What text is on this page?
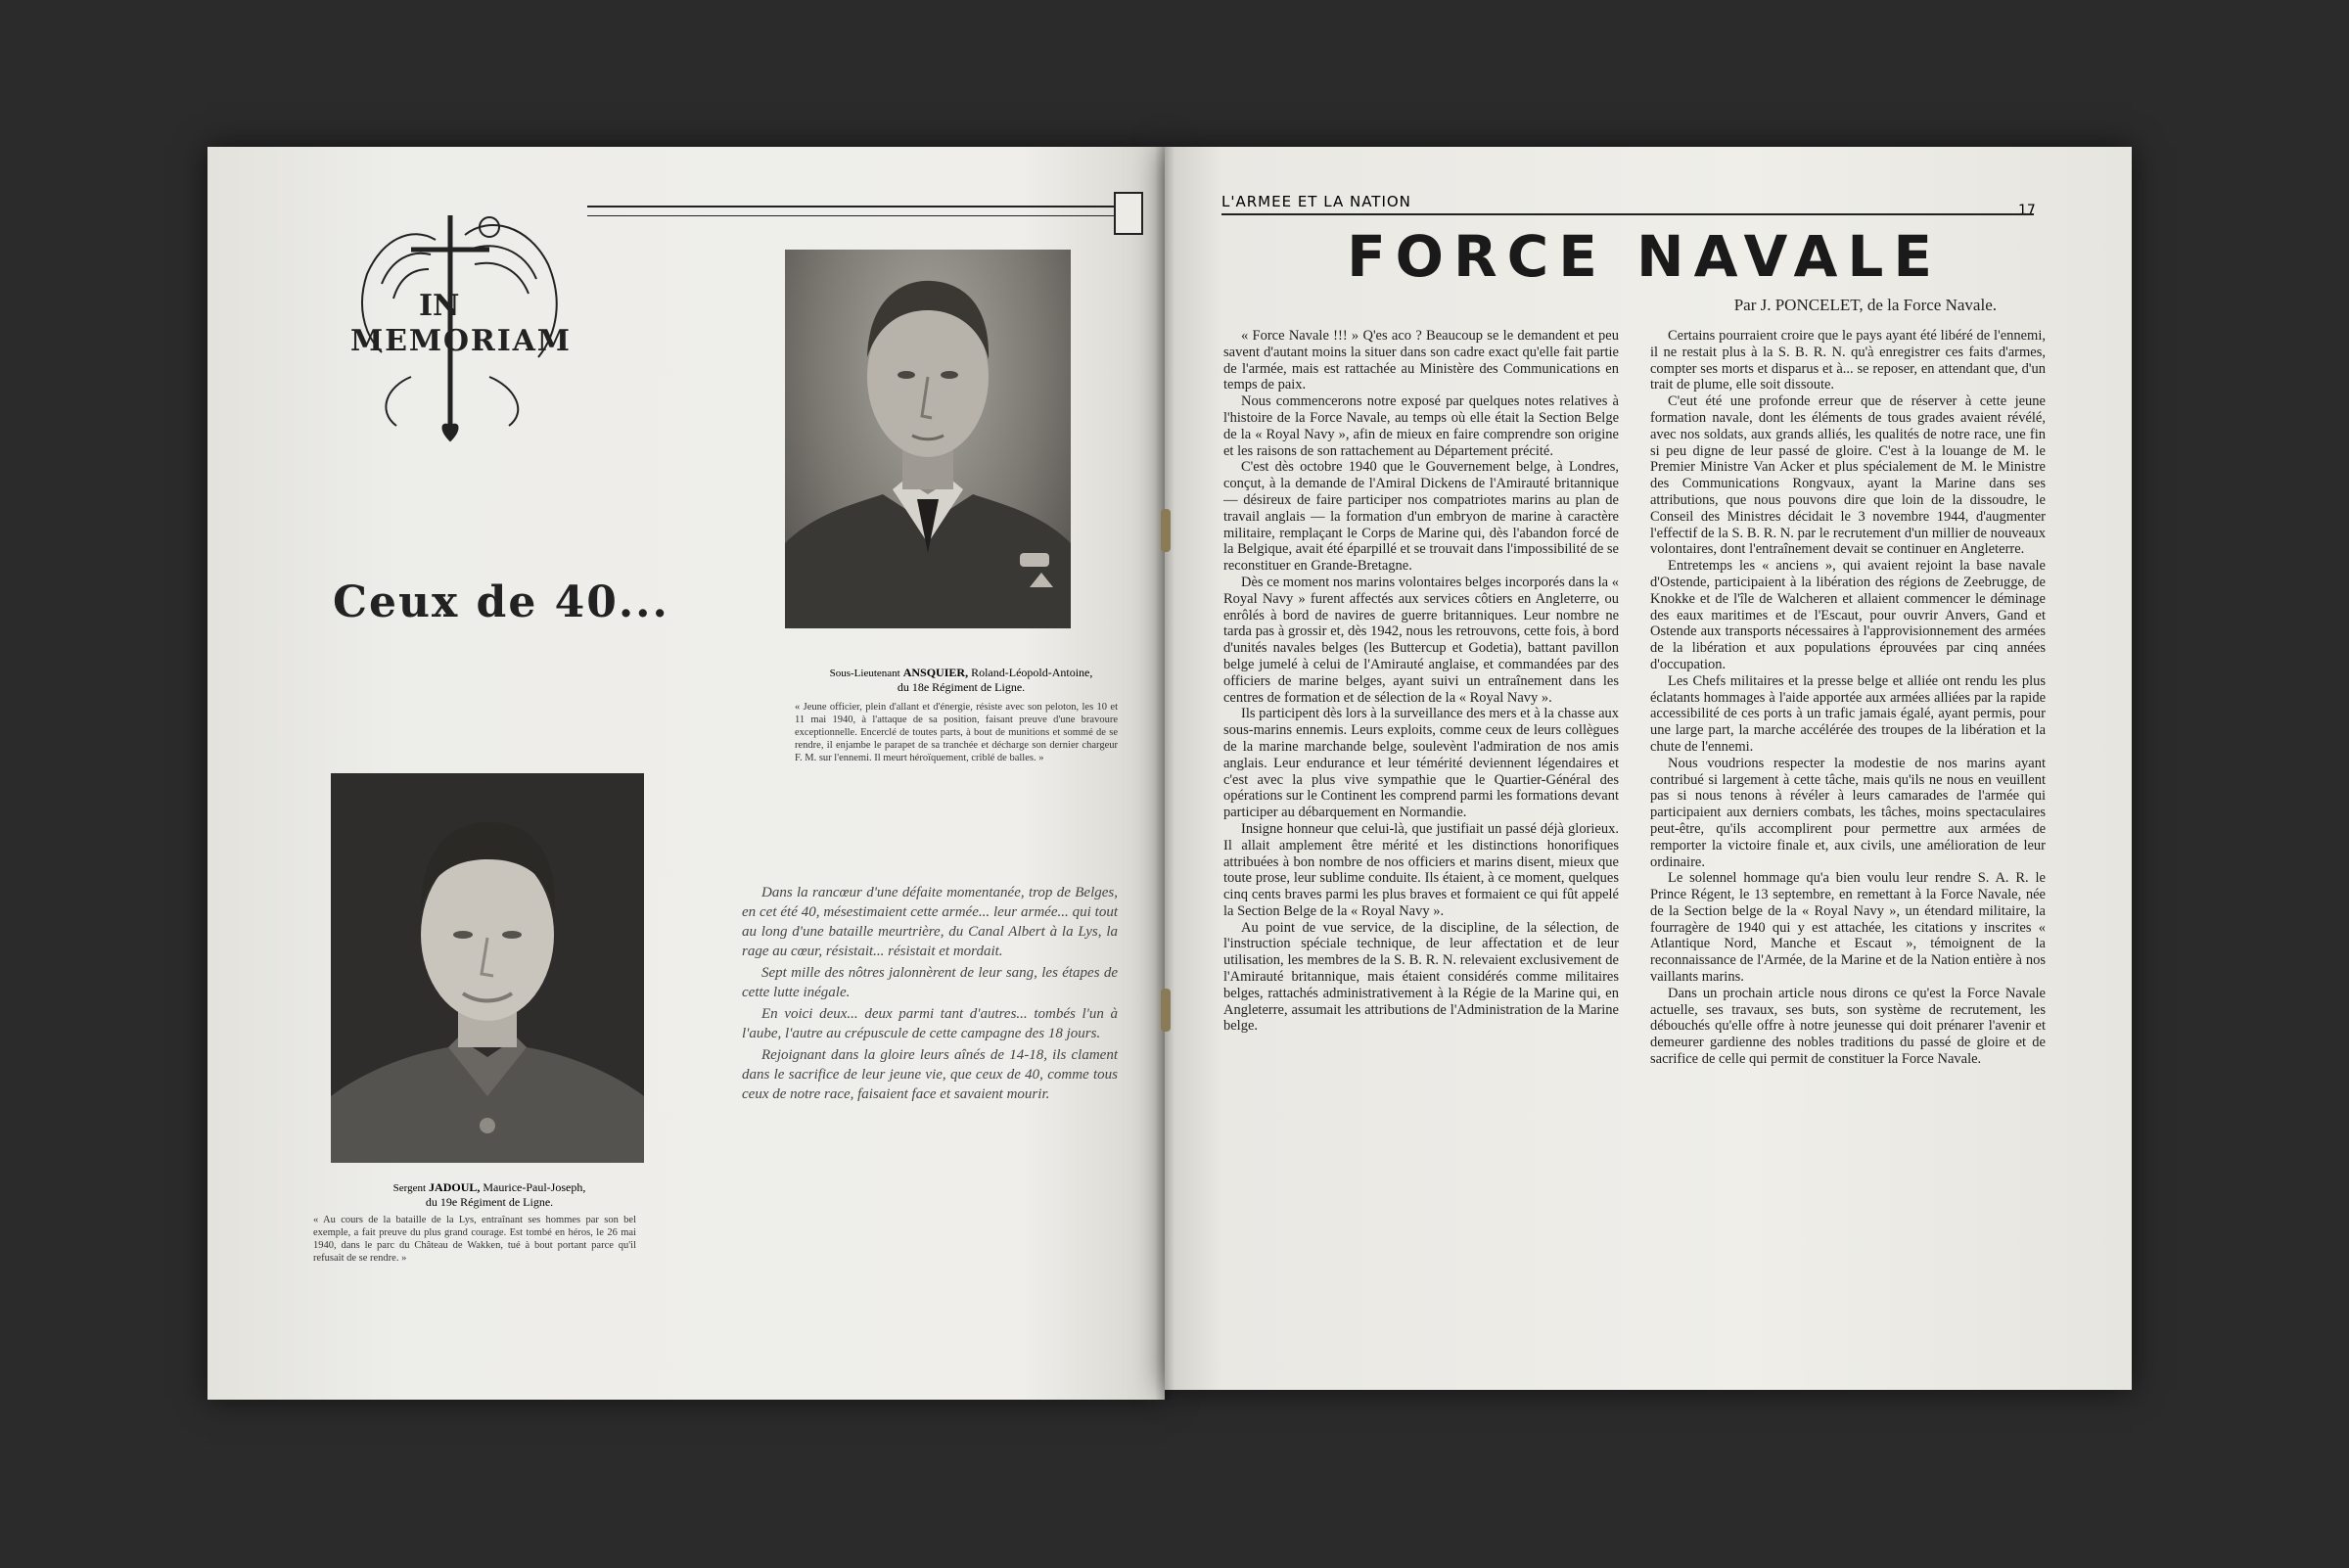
IN
MEMORIAM
Ceux de 40...
Sous-Lieutenant ANSQUIER, Roland-Léopold-Antoine,
du 18e Régiment de Ligne.
« Jeune officier, plein d'allant et d'énergie, résiste avec son peloton, les 10 et 11 mai 1940, à l'attaque de sa position, faisant preuve d'une bravoure exceptionnelle. Encerclé de toutes parts, à bout de munitions et sommé de se rendre, il enjambe le parapet de sa tranchée et décharge son dernier chargeur F. M. sur l'ennemi. Il meurt héroïquement, criblé de balles. »
Sergent JADOUL, Maurice-Paul-Joseph,
du 19e Régiment de Ligne.
« Au cours de la bataille de la Lys, entraînant ses hommes par son bel exemple, a fait preuve du plus grand courage. Est tombé en héros, le 26 mai 1940, dans le parc du Château de Wakken, tué à bout portant parce qu'il refusait de se rendre. »

Dans la rancœur d'une défaite momentanée, trop de Belges, en cet été 40, mésestimaient cette armée... leur armée... qui tout au long d'une bataille meurtrière, du Canal Albert à la Lys, la rage au cœur, résistait... résistait et mordait.

Sept mille des nôtres jalonnèrent de leur sang, les étapes de cette lutte inégale.

En voici deux... deux parmi tant d'autres... tombés l'un à l'aube, l'autre au crépuscule de cette campagne des 18 jours.

Rejoignant dans la gloire leurs aînés de 14-18, ils clament dans le sacrifice de leur jeune vie, que ceux de 40, comme tous ceux de notre race, faisaient face et savaient mourir.

L'ARMEE ET LA NATION	17
FORCE NAVALE
Par J. PONCELET, de la Force Navale.

« Force Navale !!! » Q'es aco ? Beaucoup se le demandent et peu savent d'autant moins la situer dans son cadre exact qu'elle fait partie de l'armée, mais est rattachée au Ministère des Communications en temps de paix.

Nous commencerons notre exposé par quelques notes relatives à l'histoire de la Force Navale, au temps où elle était la Section Belge de la « Royal Navy », afin de mieux en faire comprendre son origine et les raisons de son rattachement au Département précité.

C'est dès octobre 1940 que le Gouvernement belge, à Londres, conçut, à la demande de l'Amiral Dickens de l'Amirauté britannique — désireux de faire participer nos compatriotes marins au plan de travail anglais — la formation d'un embryon de marine à caractère militaire, remplaçant le Corps de Marine qui, dès l'abandon forcé de la Belgique, avait été éparpillé et se trouvait dans l'impossibilité de se reconstituer en Grande-Bretagne.

Dès ce moment nos marins volontaires belges incorporés dans la « Royal Navy » furent affectés aux services côtiers en Angleterre, ou enrôlés à bord de navires de guerre britanniques. Leur nombre ne tarda pas à grossir et, dès 1942, nous les retrouvons, cette fois, à bord d'unités navales belges (les Buttercup et Godetia), battant pavillon belge jumelé à celui de l'Amirauté anglaise, et commandées par des officiers de marine belges, ayant suivi un entraînement dans les centres de formation et de sélection de la « Royal Navy ».

Ils participent dès lors à la surveillance des mers et à la chasse aux sous-marins ennemis. Leurs exploits, comme ceux de leurs collègues de la marine marchande belge, soulevènt l'admiration de nos amis anglais. Leur endurance et leur témérité deviennent légendaires et c'est avec la plus vive sympathie que le Quartier-Général des opérations sur le Continent les comprend parmi les formations devant participer au débarquement en Normandie.

Insigne honneur que celui-là, que justifiait un passé déjà glorieux. Il allait amplement être mérité et les distinctions honorifiques attribuées à bon nombre de nos officiers et marins disent, mieux que toute prose, leur sublime conduite. Ils étaient, à ce moment, quelques cinq cents braves parmi les plus braves et formaient ce qui fût appelé la Section Belge de la « Royal Navy ».

Au point de vue service, de la discipline, de la sélection, de l'instruction spéciale technique, de leur affectation et de leur utilisation, les membres de la S. B. R. N. relevaient exclusivement de l'Amirauté britannique, mais étaient considérés comme militaires belges, rattachés administrativement à la Régie de la Marine qui, en Angleterre, assumait les attributions de l'Administration de la Marine belge.

Certains pourraient croire que le pays ayant été libéré de l'ennemi, il ne restait plus à la S. B. R. N. qu'à enregistrer ces faits d'armes, compter ses morts et disparus et à... se reposer, en attendant que, d'un trait de plume, elle soit dissoute.

C'eut été une profonde erreur que de réserver à cette jeune formation navale, dont les éléments de tous grades avaient révélé, avec nos soldats, aux grands alliés, les qualités de notre race, une fin si peu digne de leur passé de gloire. C'est à la louange de M. le Premier Ministre Van Acker et plus spécialement de M. le Ministre des Communications Rongvaux, ayant la Marine dans ses attributions, que nous pouvons dire que loin de la dissoudre, le Conseil des Ministres décidait le 3 novembre 1944, d'augmenter l'effectif de la S. B. R. N. par le recrutement d'un millier de nouveaux volontaires, dont l'entraînement devait se continuer en Angleterre.

Entretemps les « anciens », qui avaient rejoint la base navale d'Ostende, participaient à la libération des régions de Zeebrugge, de Knokke et de l'île de Walcheren et allaient commencer le déminage des eaux maritimes et de l'Escaut, pour ouvrir Anvers, Gand et Ostende aux transports nécessaires à l'approvisionnement des armées de la libération et aux populations éprouvées par cinq années d'occupation.

Les Chefs militaires et la presse belge et alliée ont rendu les plus éclatants hommages à l'aide apportée aux armées alliées par la rapide accessibilité de ces ports à un trafic jamais égalé, ayant permis, pour une large part, la marche accélérée des troupes de la libération et la chute de l'ennemi.

Nous voudrions respecter la modestie de nos marins ayant contribué si largement à cette tâche, mais qu'ils ne nous en veuillent pas si nous tenons à révéler à leurs camarades de l'armée qui participaient aux derniers combats, les tâches, moins spectaculaires peut-être, qu'ils accomplirent pour permettre aux armées de remporter la victoire finale et, aux civils, une amélioration de leur ordinaire.

Le solennel hommage qu'a bien voulu leur rendre S. A. R. le Prince Régent, le 13 septembre, en remettant à la Force Navale, née de la Section belge de la « Royal Navy », un étendard militaire, la fourragère de 1940 qui y est attachée, les citations y inscrites « Atlantique Nord, Manche et Escaut », témoignent de la reconnaissance de l'Armée, de la Marine et de la Nation entière à nos vaillants marins.

Dans un prochain article nous dirons ce qu'est la Force Navale actuelle, ses travaux, ses buts, son système de recrutement, les débouchés qu'elle offre à notre jeunesse qui doit prénarer l'avenir et demeurer gardienne des nobles traditions du passé de gloire et de sacrifice de celle qui permit de constituer la Force Navale.
